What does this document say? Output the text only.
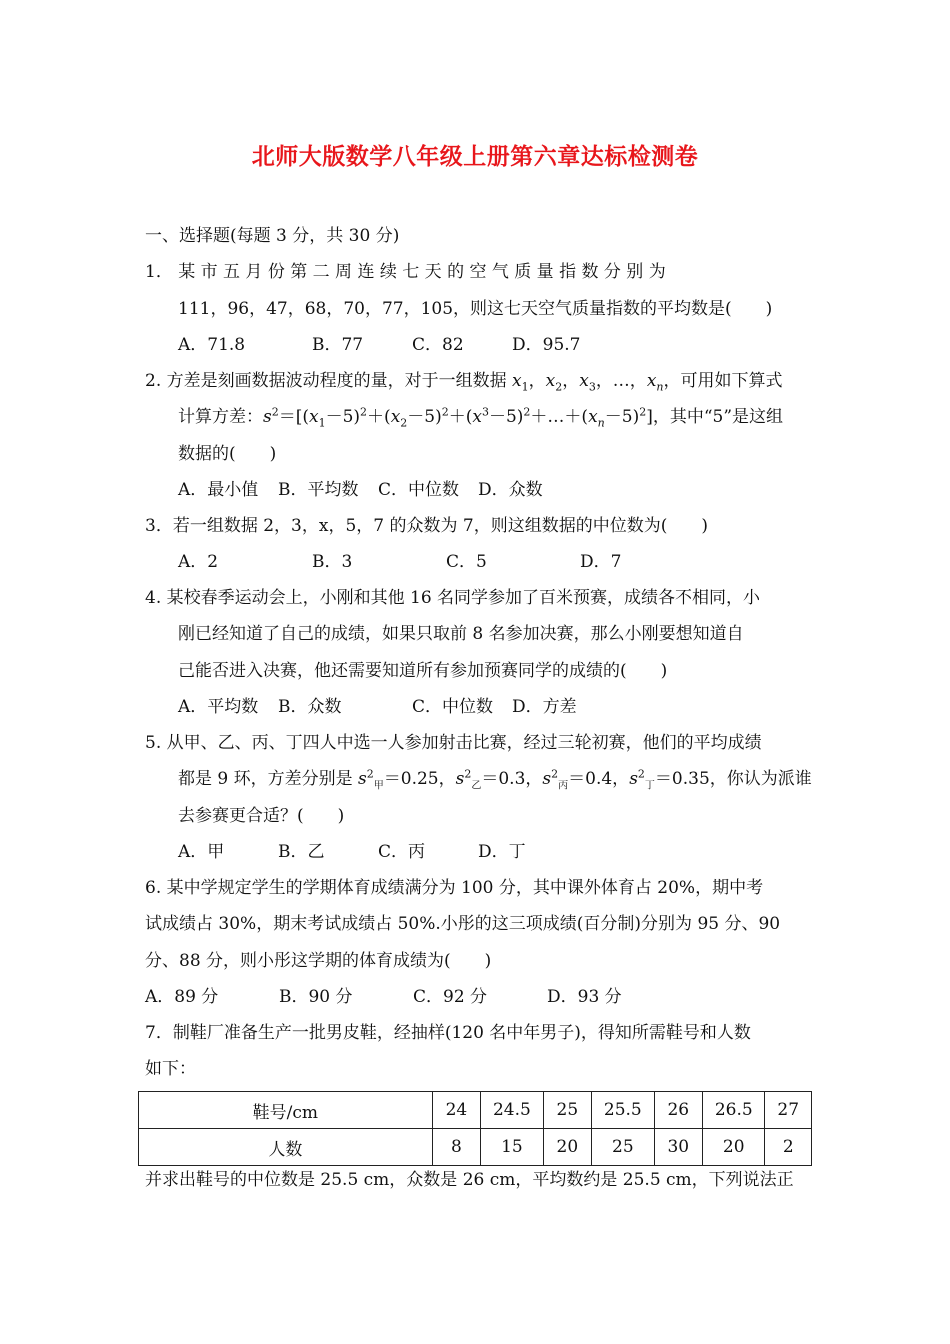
北师大版数学八年级上册第六章达标检测卷
一、选择题(每题 3 分，共 30 分)
1． 某 市 五 月 份 第 二 周 连 续 七 天 的 空 气 质 量 指 数 分 别 为
111，96，47，68，70，77，105，则这七天空气质量指数的平均数是(　　)
A．71.8	B．77	C．82	D．95.7
2. 方差是刻画数据波动程度的量，对于一组数据 $x_1$，$x_2$，$x_3$，…，$x_n$，可用如下算式
计算方差：$s^2=[(x_1-5)^2+(x_2-5)^2+(x^3-5)^2+\dots+(x_n-5)^2]$，其中“5”是这组
数据的(　　)
A．最小值 B．平均数 C．中位数 D．众数
3．若一组数据 2，3，x，5，7 的众数为 7，则这组数据的中位数为(　　)
A．2	B．3	C．5	D．7
4. 某校春季运动会上，小刚和其他 16 名同学参加了百米预赛，成绩各不相同，小
刚已经知道了自己的成绩，如果只取前 8 名参加决赛，那么小刚要想知道自
己能否进入决赛，他还需要知道所有参加预赛同学的成绩的(　　)
A．平均数 B．众数	C．中位数 D．方差
5. 从甲、乙、丙、丁四人中选一人参加射击比赛，经过三轮初赛，他们的平均成绩
都是 9 环，方差分别是 $s^2_甲=0.25$，$s^2_乙=0.3$，$s^2_丙=0.4$，$s^2_丁=0.35$，你认为派谁
去参赛更合适？(　　)
A．甲	B．乙	C．丙	D．丁
6. 某中学规定学生的学期体育成绩满分为 100 分，其中课外体育占 20%，期中考
试成绩占 30%，期末考试成绩占 50%.小彤的这三项成绩(百分制)分别为 95 分、90
分、88 分，则小彤这学期的体育成绩为(　　)
A．89 分	B．90 分	C．92 分	D．93 分
7．制鞋厂准备生产一批男皮鞋，经抽样(120 名中年男子)，得知所需鞋号和人数
如下：
鞋号/cm	24	24.5	25	25.5	26	26.5	27
人数	8	15	20	25	30	20	2
并求出鞋号的中位数是 25.5 cm，众数是 26 cm，平均数约是 25.5 cm，下列说法正
